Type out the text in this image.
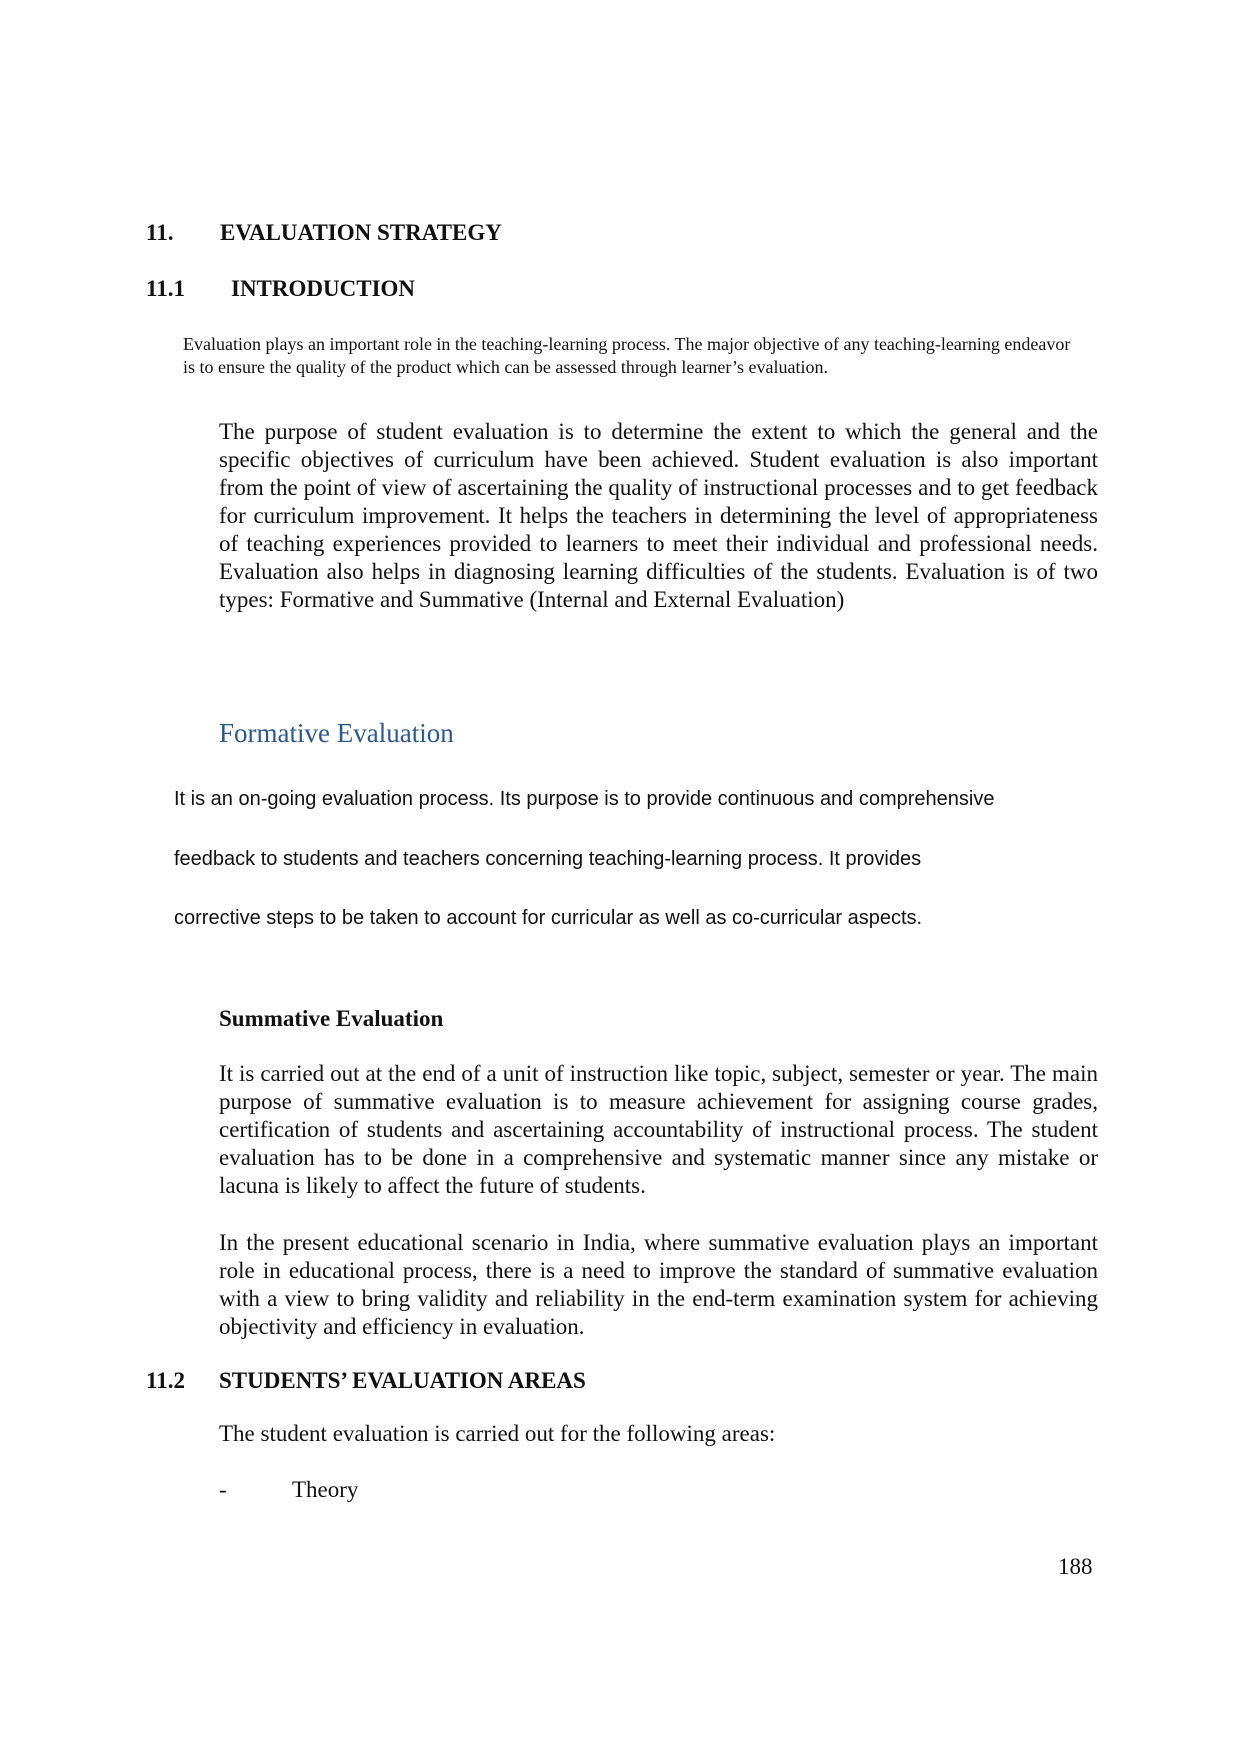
11. EVALUATION STRATEGY
11.1 INTRODUCTION
Evaluation plays an important role in the teaching-learning process. The major objective of any teaching-learning endeavor is to ensure the quality of the product which can be assessed through learner’s evaluation.
The purpose of student evaluation is to determine the extent to which the general and the specific objectives of curriculum have been achieved. Student evaluation is also important from the point of view of ascertaining the quality of instructional processes and to get feedback for curriculum improvement. It helps the teachers in determining the level of appropriateness of teaching experiences provided to learners to meet their individual and professional needs. Evaluation also helps in diagnosing learning difficulties of the students. Evaluation is of two types: Formative and Summative (Internal and External Evaluation)
Formative Evaluation
It is an on-going evaluation process. Its purpose is to provide continuous and comprehensive
feedback to students and teachers concerning teaching-learning process. It provides
corrective steps to be taken to account for curricular as well as co-curricular aspects.
Summative Evaluation
It is carried out at the end of a unit of instruction like topic, subject, semester or year. The main purpose of summative evaluation is to measure achievement for assigning course grades, certification of students and ascertaining accountability of instructional process. The student evaluation has to be done in a comprehensive and systematic manner since any mistake or lacuna is likely to affect the future of students.
In the present educational scenario in India, where summative evaluation plays an important role in educational process, there is a need to improve the standard of summative evaluation with a view to bring validity and reliability in the end-term examination system for achieving objectivity and efficiency in evaluation.
11.2 STUDENTS’ EVALUATION AREAS
The student evaluation is carried out for the following areas:
-	Theory
188
